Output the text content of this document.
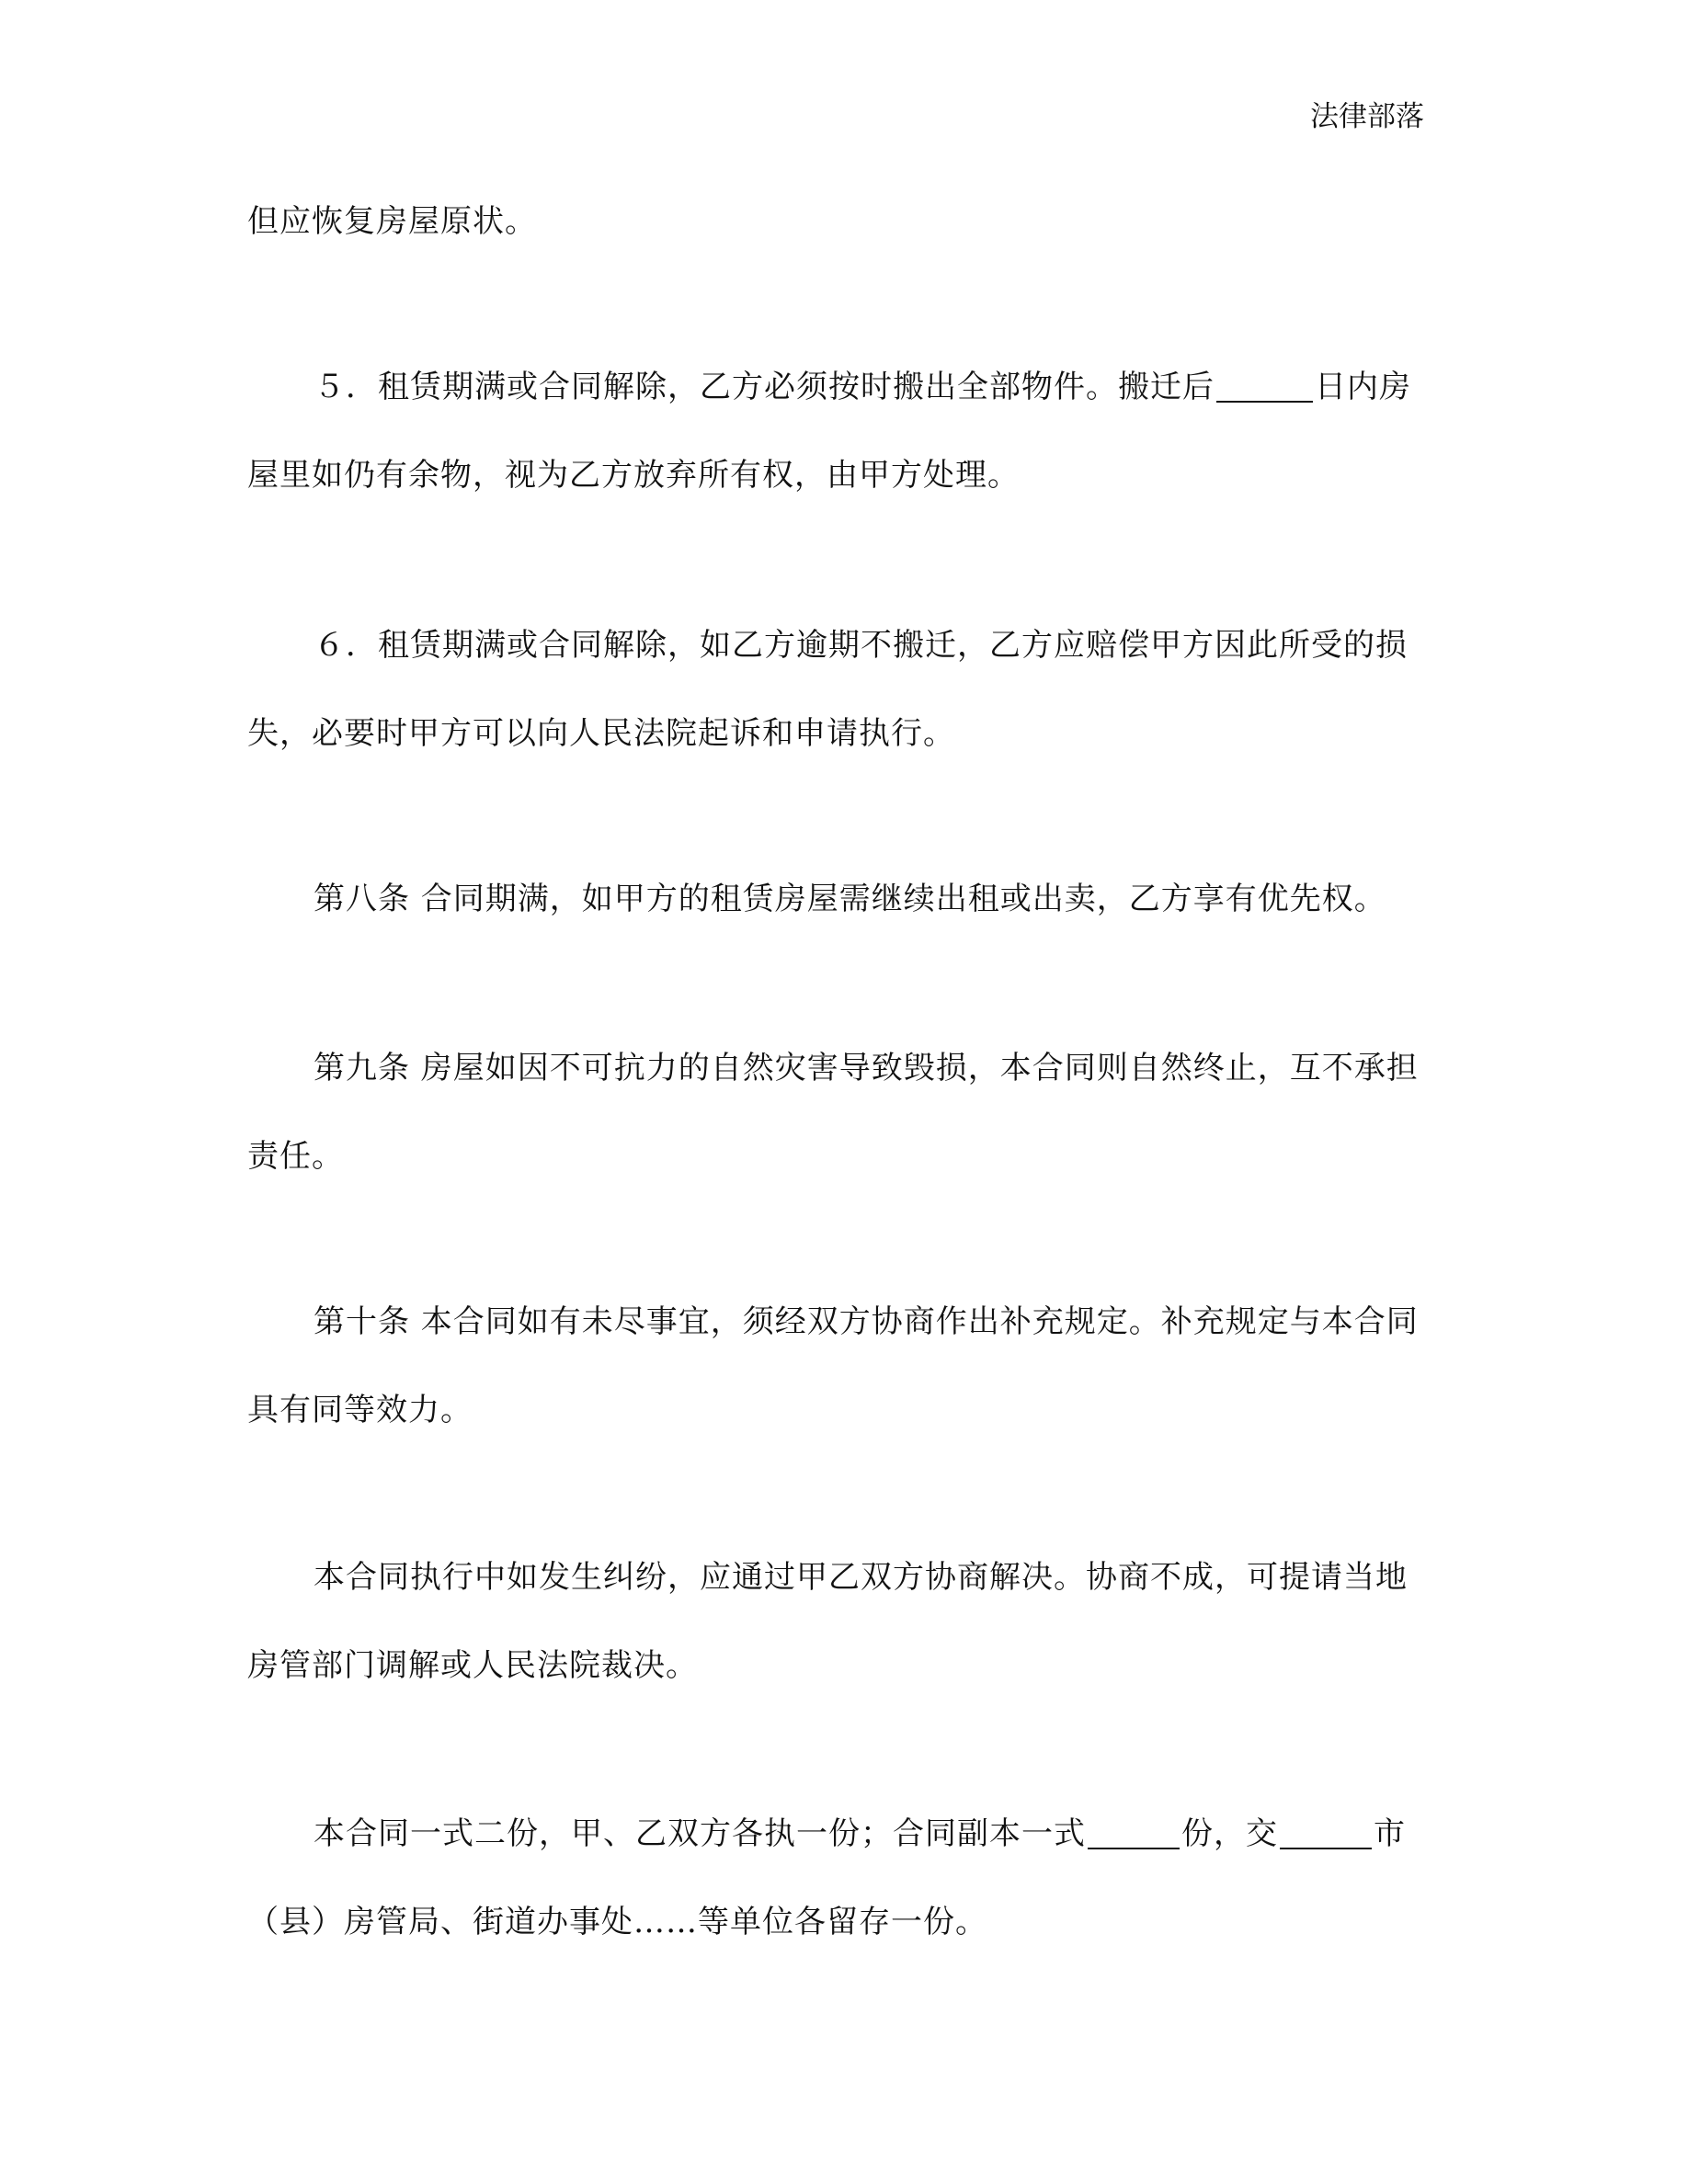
法律部落
但应恢复房屋原状。
５．租赁期满或合同解除，乙方必须按时搬出全部物件。搬迁后	日内房
屋里如仍有余物，视为乙方放弃所有权，由甲方处理。
６．租赁期满或合同解除，如乙方逾期不搬迁，乙方应赔偿甲方因此所受的损
失，必要时甲方可以向人民法院起诉和申请执行。
第八条 合同期满，如甲方的租赁房屋需继续出租或出卖，乙方享有优先权。
第九条 房屋如因不可抗力的自然灾害导致毁损，本合同则自然终止，互不承担
责任。
第十条 本合同如有未尽事宜，须经双方协商作出补充规定。补充规定与本合同
具有同等效力。
本合同执行中如发生纠纷，应通过甲乙双方协商解决。协商不成，可提请当地
房管部门调解或人民法院裁决。
本合同一式二份，甲、乙双方各执一份；合同副本一式	份，交	市
（县）房管局、街道办事处……等单位各留存一份。
